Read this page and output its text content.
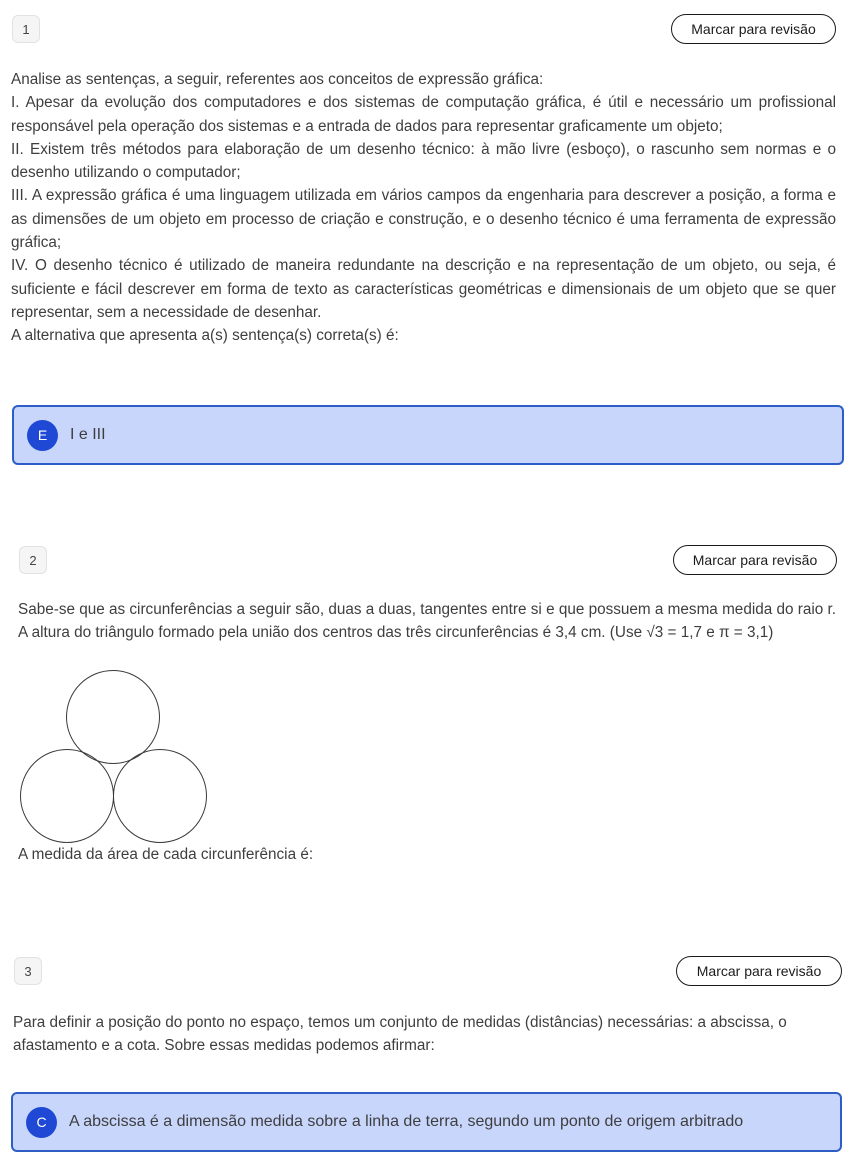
1	Marcar para revisão

Analise as sentenças, a seguir, referentes aos conceitos de expressão gráfica:

I. Apesar da evolução dos computadores e dos sistemas de computação gráfica, é útil e necessário um profissional responsável pela operação dos sistemas e a entrada de dados para representar graficamente um objeto;

II. Existem três métodos para elaboração de um desenho técnico: à mão livre (esboço), o rascunho sem normas e o desenho utilizando o computador;

III. A expressão gráfica é uma linguagem utilizada em vários campos da engenharia para descrever a posição, a forma e as dimensões de um objeto em processo de criação e construção, e o desenho técnico é uma ferramenta de expressão gráfica;

IV. O desenho técnico é utilizado de maneira redundante na descrição e na representação de um objeto, ou seja, é suficiente e fácil descrever em forma de texto as características geométricas e dimensionais de um objeto que se quer representar, sem a necessidade de desenhar.

A alternativa que apresenta a(s) sentença(s) correta(s) é:

E	I e III
2	Marcar para revisão

Sabe-se que as circunferências a seguir são, duas a duas, tangentes entre si e que possuem a mesma medida do raio r. A altura do triângulo formado pela união dos centros das três circunferências é 3,4 cm. (Use √3 = 1,7 e π = 3,1)

A medida da área de cada circunferência é:

3	Marcar para revisão

Para definir a posição do ponto no espaço, temos um conjunto de medidas (distâncias) necessárias: a abscissa, o afastamento e a cota. Sobre essas medidas podemos afirmar:

C	A abscissa é a dimensão medida sobre a linha de terra, segundo um ponto de origem arbitrado
